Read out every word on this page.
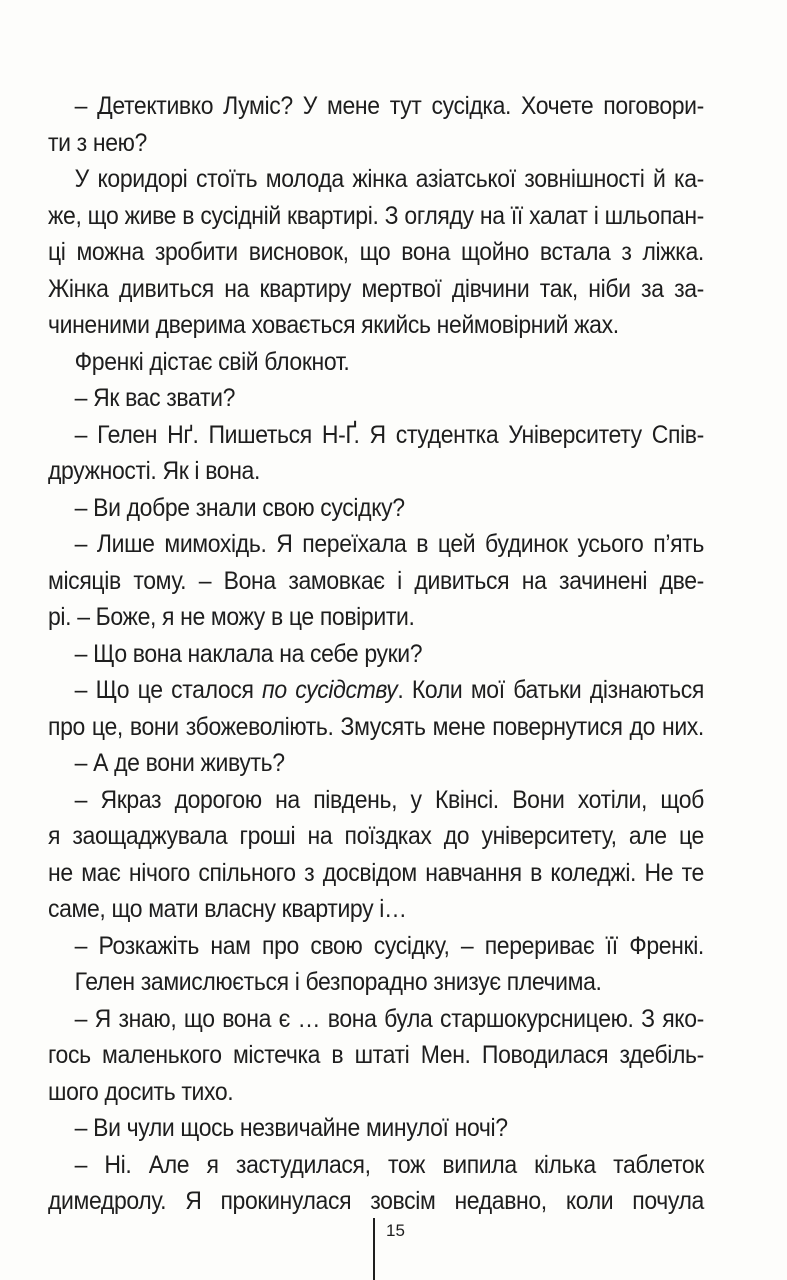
– Детективко Луміс? У мене тут сусідка. Хочете поговори-
ти з нею?
У коридорі стоїть молода жінка азіатської зовнішності й ка-
же, що живе в сусідній квартирі. З огляду на її халат і шльопан-
ці можна зробити висновок, що вона щойно встала з ліжка.
Жінка дивиться на квартиру мертвої дівчини так, ніби за за-
чиненими дверима ховається якийсь неймовірний жах.
Френкі дістає свій блокнот.
– Як вас звати?
– Гелен Нґ. Пишеться Н-Ґ. Я студентка Університету Спів-
дружності. Як і вона.
– Ви добре знали свою сусідку?
– Лише мимохідь. Я переїхала в цей будинок усього п’ять
місяців тому. – Вона замовкає і дивиться на зачинені две-
рі. – Боже, я не можу в це повірити.
– Що вона наклала на себе руки?
– Що це сталося по сусідству. Коли мої батьки дізнаються
про це, вони збожеволіють. Змусять мене повернутися до них.
– А де вони живуть?
– Якраз дорогою на південь, у Квінсі. Вони хотіли, щоб
я заощаджувала гроші на поїздках до університету, але це
не має нічого спільного з досвідом навчання в коледжі. Не те
саме, що мати власну квартиру і…
– Розкажіть нам про свою сусідку, – перериває її Френкі.
Гелен замислюється і безпорадно знизує плечима.
– Я знаю, що вона є … вона була старшокурсницею. З яко-
гось маленького містечка в штаті Мен. Поводилася здебіль-
шого досить тихо.
– Ви чули щось незвичайне минулої ночі?
– Ні. Але я застудилася, тож випила кілька таблеток
димедролу. Я прокинулася зовсім недавно, коли почула
15
